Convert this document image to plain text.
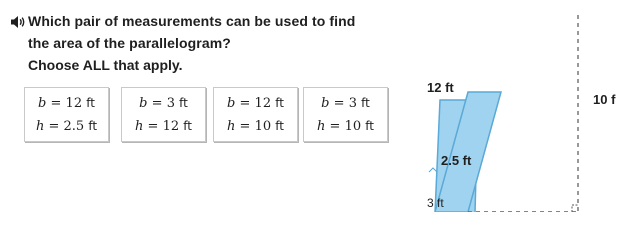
Which pair of measurements can be used to find
the area of the parallelogram?
Choose ALL that apply.
b = 12 ft
h = 2.5 ft
b = 3 ft
h = 12 ft
b = 12 ft
h = 10 ft
b = 3 ft
h = 10 ft
12 ft
10 f
2.5 ft
3 ft
